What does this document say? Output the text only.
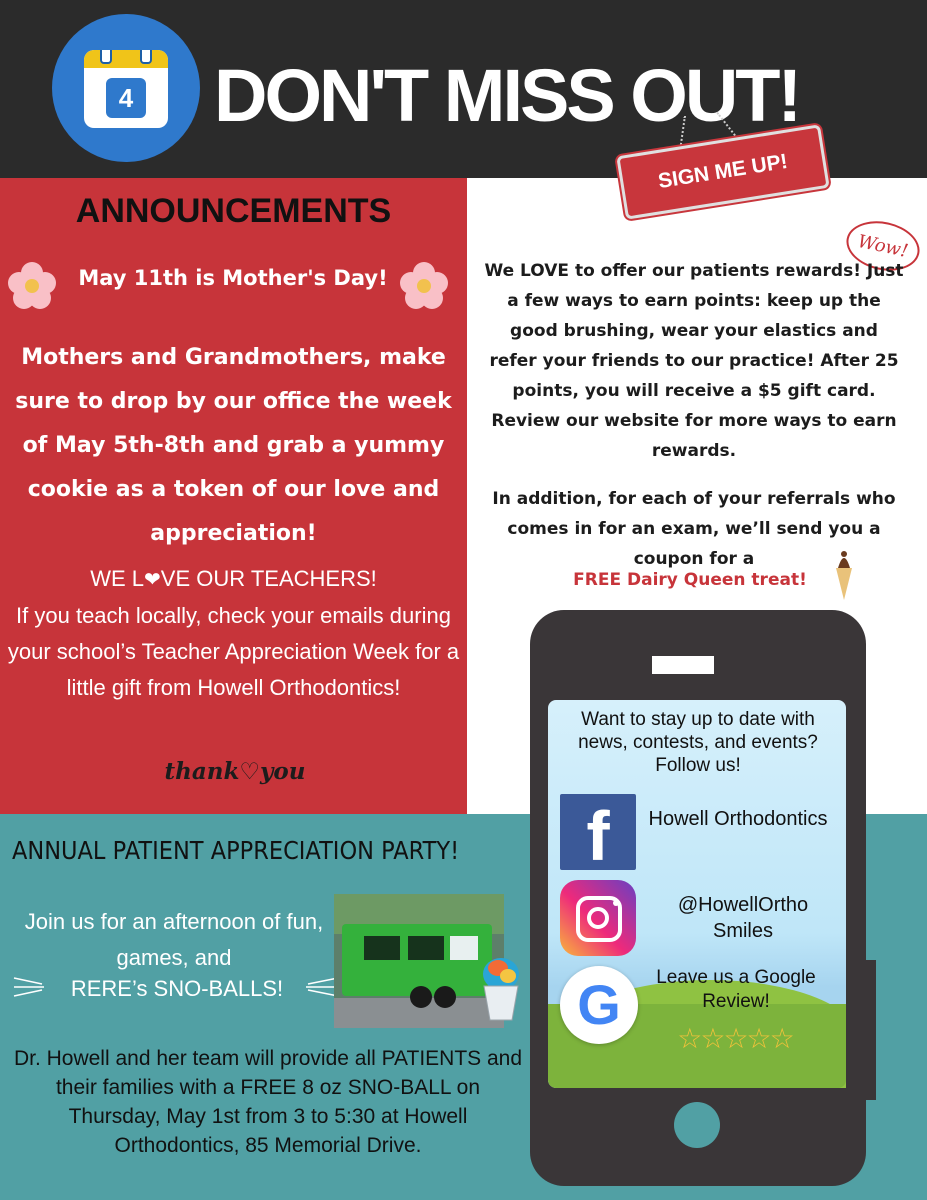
4 DON'T MISS OUT!
SIGN ME UP!
ANNOUNCEMENTS
May 11th is Mother's Day!
Mothers and Grandmothers, make sure to drop by our office the week of May 5th-8th and grab a yummy cookie as a token of our love and appreciation!
WE L❤VE OUR TEACHERS!
If you teach locally, check your emails during your school’s Teacher Appreciation Week for a little gift from Howell Orthodontics!
thank♡you
Wow!
We LOVE to offer our patients rewards! Just a few ways to earn points: keep up the good brushing, wear your elastics and refer your friends to our practice! After 25 points, you will receive a $5 gift card. Review our website for more ways to earn rewards.
In addition, for each of your referrals who comes in for an exam, we’ll send you a coupon for a
FREE Dairy Queen treat!
ANNUAL PATIENT APPRECIATION PARTY!
Join us for an afternoon of fun, games, and
RERE’s SNO-BALLS!
Dr. Howell and her team will provide all PATIENTS and their families with a FREE 8 oz SNO-BALL on Thursday, May 1st from 3 to 5:30 at Howell Orthodontics, 85 Memorial Drive.
Want to stay up to date with news, contests, and events? Follow us!
f	Howell Orthodontics
@HowellOrtho Smiles
G	Leave us a Google Review!
☆☆☆☆☆
